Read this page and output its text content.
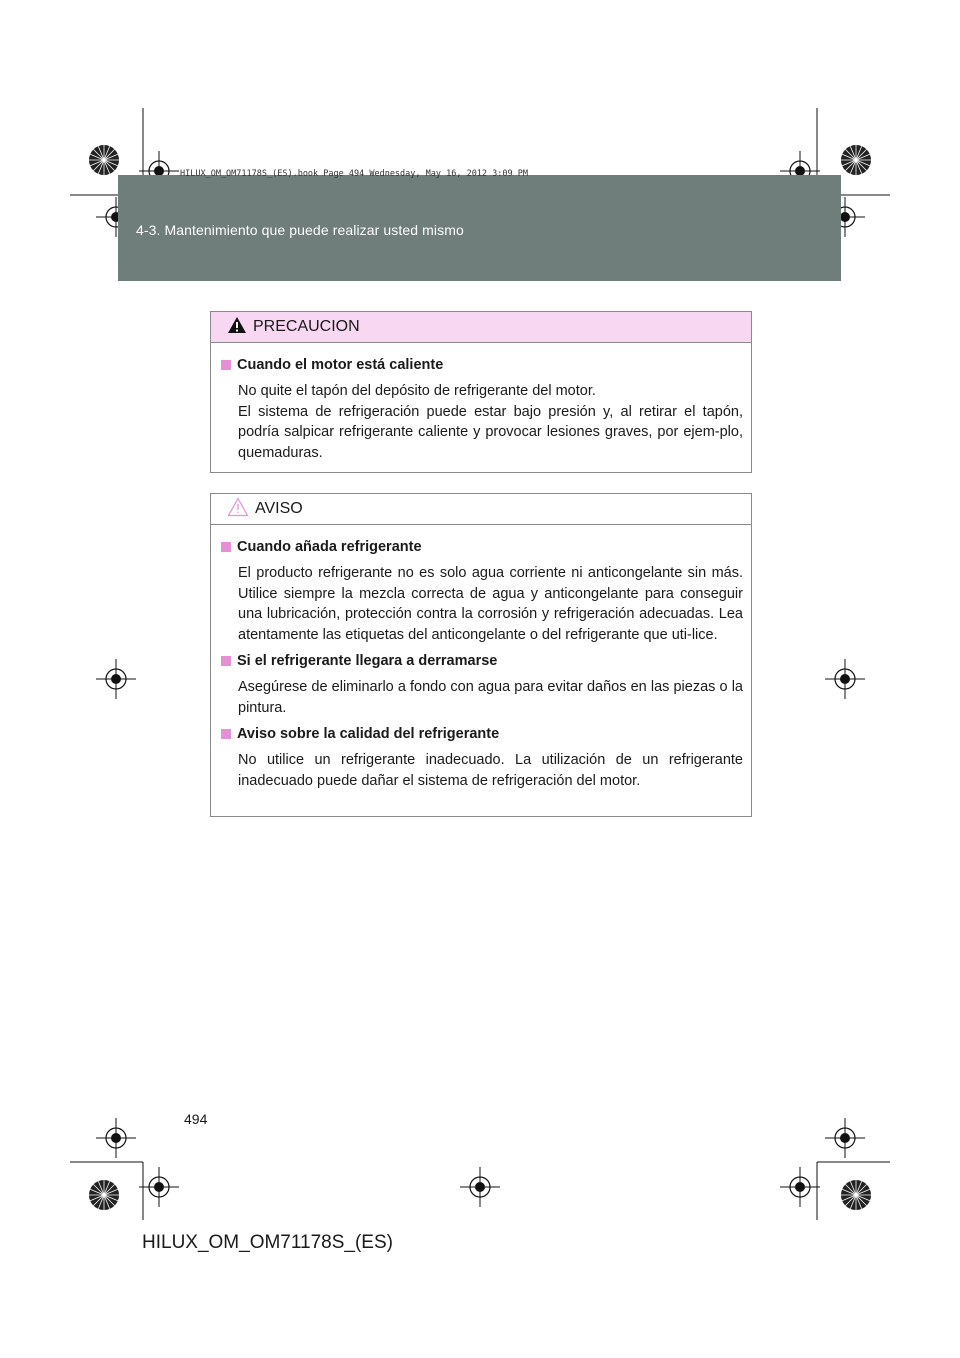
HILUX_OM_OM71178S_(ES).book Page 494 Wednesday, May 16, 2012 3:09 PM
4-3. Mantenimiento que puede realizar usted mismo
PRECAUCION
Cuando el motor está caliente

No quite el tapón del depósito de refrigerante del motor.

El sistema de refrigeración puede estar bajo presión y, al retirar el tapón, podría salpicar refrigerante caliente y provocar lesiones graves, por ejem-plo, quemaduras.

AVISO
Cuando añada refrigerante

El producto refrigerante no es solo agua corriente ni anticongelante sin más. Utilice siempre la mezcla correcta de agua y anticongelante para conseguir una lubricación, protección contra la corrosión y refrigeración adecuadas. Lea atentamente las etiquetas del anticongelante o del refrigerante que uti-lice.

Si el refrigerante llegara a derramarse

Asegúrese de eliminarlo a fondo con agua para evitar daños en las piezas o la pintura.

Aviso sobre la calidad del refrigerante

No utilice un refrigerante inadecuado. La utilización de un refrigerante inadecuado puede dañar el sistema de refrigeración del motor.

494
HILUX_OM_OM71178S_(ES)
